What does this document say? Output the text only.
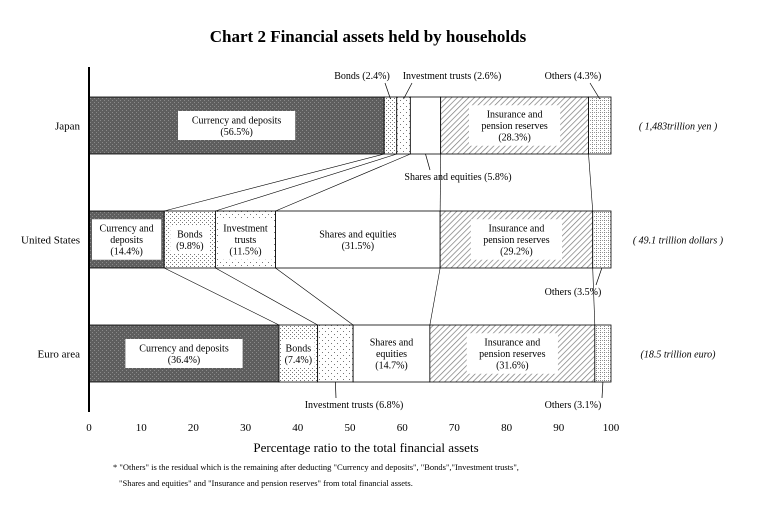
Chart 2 Financial assets held by households
Currency and deposits
(56.5%)
Insurance and
pension reserves
(28.3%)
Currency and
deposits
(14.4%)
Bonds
(9.8%)
Investment
trusts
(11.5%)
Shares and equities
(31.5%)
Insurance and
pension reserves
(29.2%)
Currency and deposits
(36.4%)
Bonds
(7.4%)
Shares and
equities
(14.7%)
Insurance and
pension reserves
(31.6%)
Bonds (2.4%) Investment trusts (2.6%)	Others (4.3%)
Shares and equities (5.8%)
Others (3.5%)
Investment trusts (6.8%)	Others (3.1%)
Japan
United States
Euro area
( 1,483trillion yen )
( 49.1 trillion dollars )
(18.5 trillion euro)
0	10	20	30	40	50	60	70	80	90	100
Percentage ratio to the total financial assets
* "Others" is the residual which is the remaining after deducting "Currency and deposits", "Bonds","Investment trusts",
"Shares and equities" and "Insurance and pension reserves" from total financial assets.
